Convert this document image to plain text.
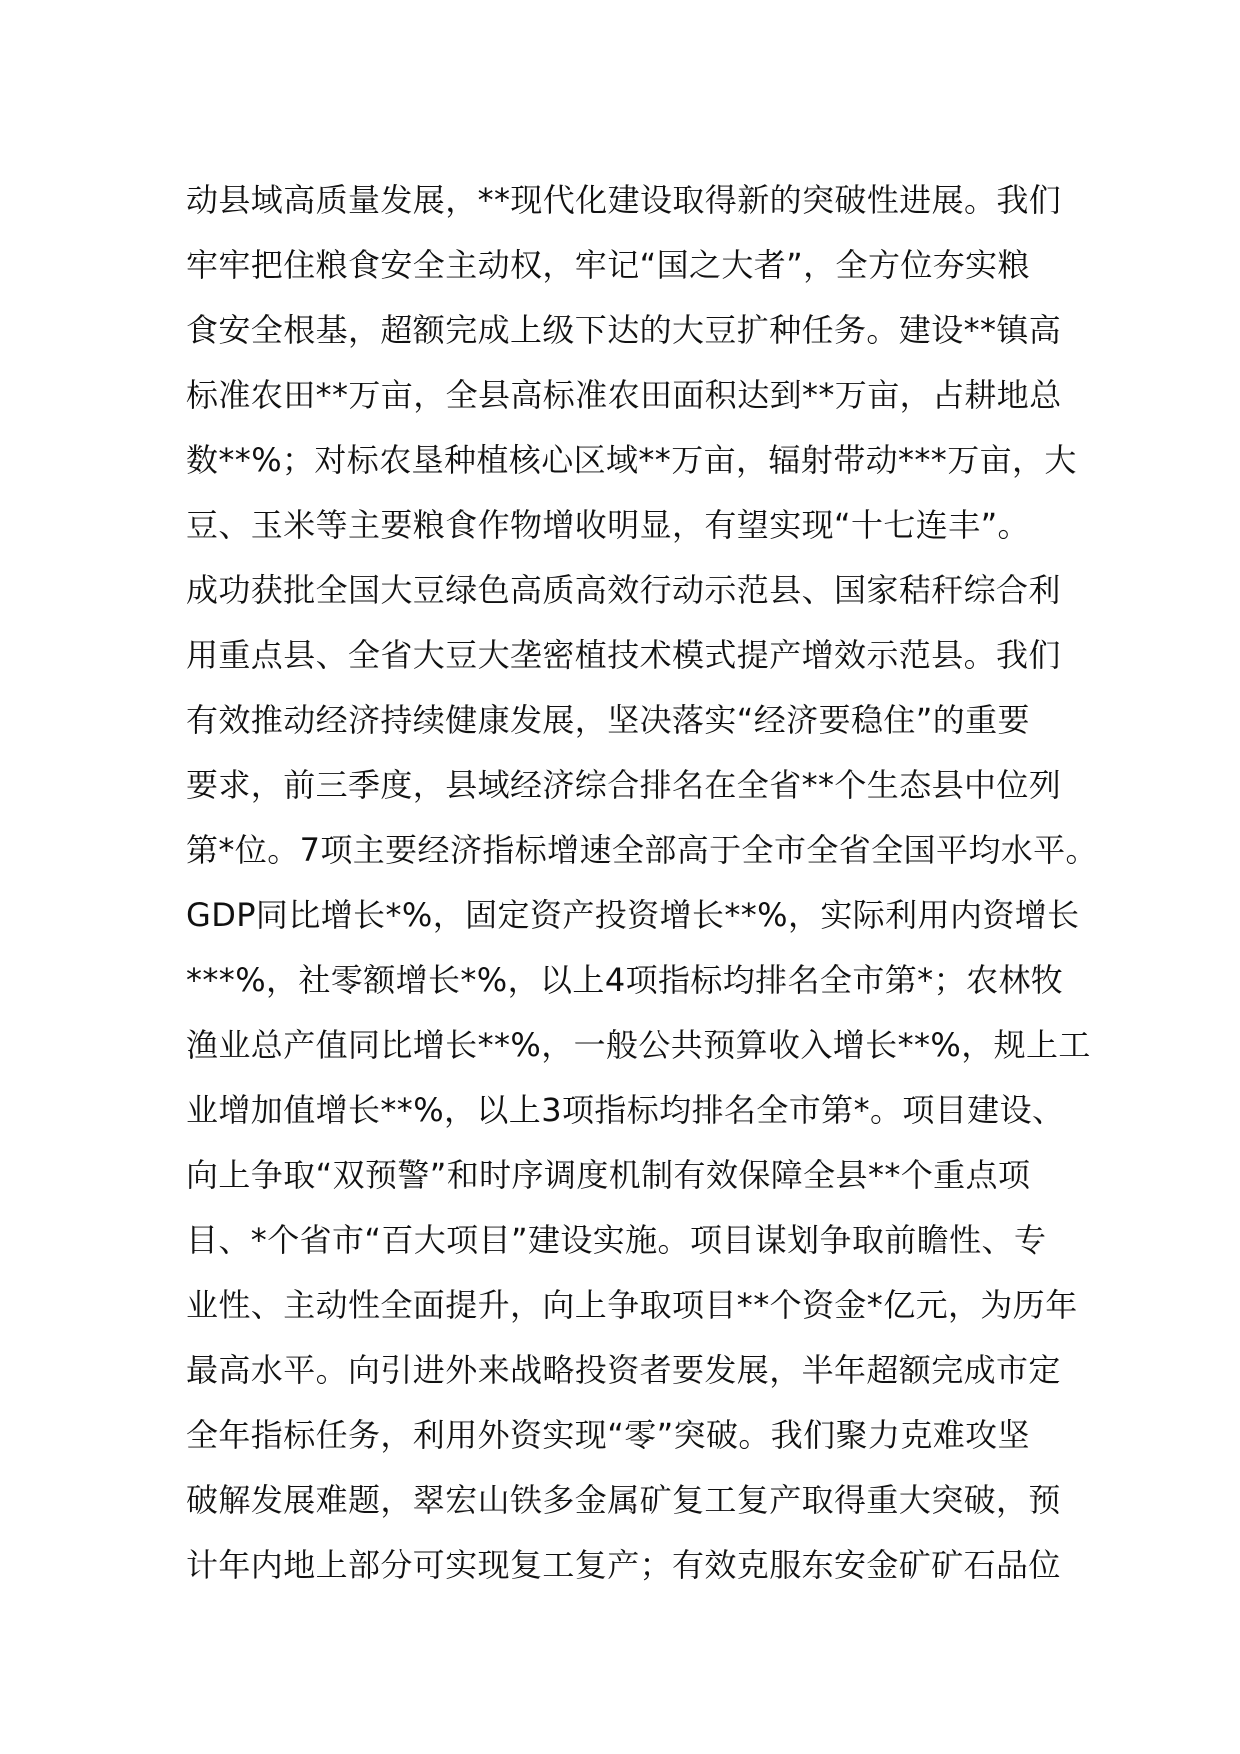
动县域高质量发展，**现代化建设取得新的突破性进展。我们
牢牢把住粮食安全主动权，牢记“国之大者”，全方位夯实粮
食安全根基，超额完成上级下达的大豆扩种任务。建设**镇高
标准农田**万亩，全县高标准农田面积达到**万亩，占耕地总
数**%；对标农垦种植核心区域**万亩，辐射带动***万亩，大
豆、玉米等主要粮食作物增收明显，有望实现“十七连丰”。
成功获批全国大豆绿色高质高效行动示范县、国家秸秆综合利
用重点县、全省大豆大垄密植技术模式提产增效示范县。我们
有效推动经济持续健康发展，坚决落实“经济要稳住”的重要
要求，前三季度，县域经济综合排名在全省**个生态县中位列
第*位。7项主要经济指标增速全部高于全市全省全国平均水平。
GDP同比增长*%，固定资产投资增长**%，实际利用内资增长
***%，社零额增长*%，以上4项指标均排名全市第*；农林牧
渔业总产值同比增长**%，一般公共预算收入增长**%，规上工
业增加值增长**%，以上3项指标均排名全市第*。项目建设、
向上争取“双预警”和时序调度机制有效保障全县**个重点项
目、*个省市“百大项目”建设实施。项目谋划争取前瞻性、专
业性、主动性全面提升，向上争取项目**个资金*亿元，为历年
最高水平。向引进外来战略投资者要发展，半年超额完成市定
全年指标任务，利用外资实现“零”突破。我们聚力克难攻坚
破解发展难题，翠宏山铁多金属矿复工复产取得重大突破，预
计年内地上部分可实现复工复产；有效克服东安金矿矿石品位
